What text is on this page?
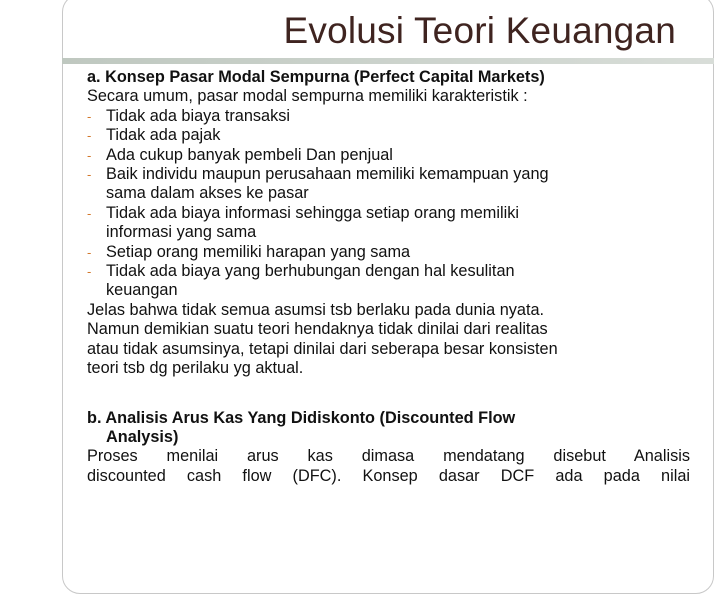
Evolusi Teori Keuangan
a. Konsep Pasar Modal Sempurna (Perfect Capital Markets)
Secara umum, pasar modal sempurna memiliki karakteristik :
- Tidak ada biaya transaksi
- Tidak ada pajak
- Ada cukup banyak pembeli Dan penjual
- Baik individu maupun perusahaan memiliki kemampuan yang
sama dalam akses ke pasar
- Tidak ada biaya informasi sehingga setiap orang memiliki
informasi yang sama
- Setiap orang memiliki harapan yang sama
- Tidak ada biaya yang berhubungan dengan hal kesulitan
keuangan
Jelas bahwa tidak semua asumsi tsb berlaku pada dunia nyata.
Namun demikian suatu teori hendaknya tidak dinilai dari realitas
atau tidak asumsinya, tetapi dinilai dari seberapa besar konsisten
teori tsb dg perilaku yg aktual.
b. Analisis Arus Kas Yang Didiskonto (Discounted Flow
Analysis)
Proses menilai arus kas dimasa mendatang disebut Analisis
discounted cash flow (DFC). Konsep dasar DCF ada pada nilai
